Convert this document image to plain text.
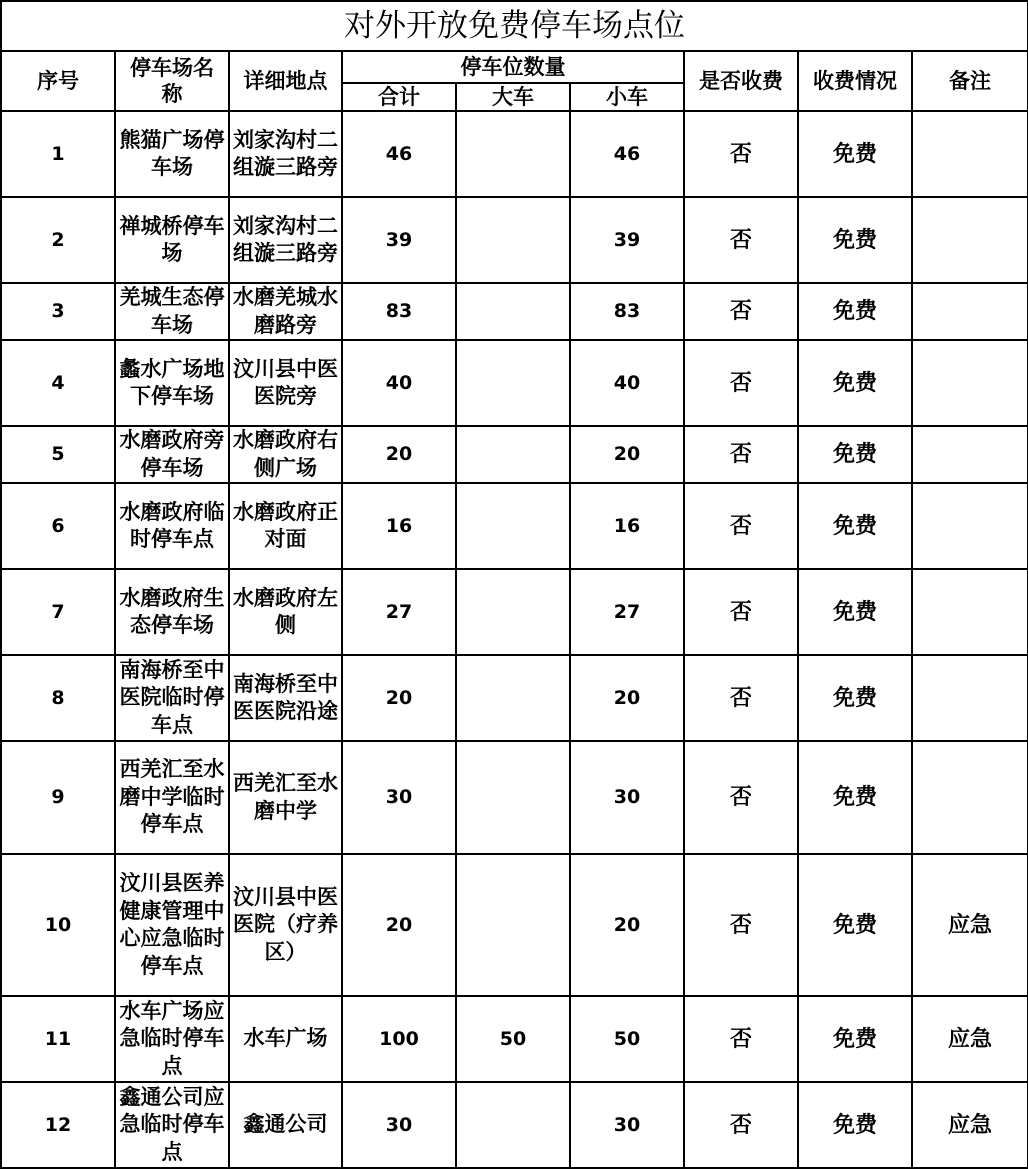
对外开放免费停车场点位								
序号	停车场名称	详细地点	停车位数量			是否收费	收费情况	备注
			合计	大车	小车			
1	熊猫广场停车场	刘家沟村二组漩三路旁	46		46	否	免费	
2	禅城桥停车场	刘家沟村二组漩三路旁	39		39	否	免费	
3	羌城生态停车场	水磨羌城水磨路旁	83		83	否	免费	
4	蠡水广场地下停车场	汶川县中医医院旁	40		40	否	免费	
5	水磨政府旁停车场	水磨政府右侧广场	20		20	否	免费	
6	水磨政府临时停车点	水磨政府正对面	16		16	否	免费	
7	水磨政府生态停车场	水磨政府左侧	27		27	否	免费	
8	南海桥至中医院临时停车点	南海桥至中医医院沿途	20		20	否	免费	
9	西羌汇至水磨中学临时停车点	西羌汇至水磨中学	30		30	否	免费	
10	汶川县医养健康管理中心应急临时停车点	汶川县中医医院（疗养区）	20		20	否	免费	应急
11	水车广场应急临时停车点	水车广场	100	50	50	否	免费	应急
12	鑫通公司应急临时停车点	鑫通公司	30		30	否	免费	应急
